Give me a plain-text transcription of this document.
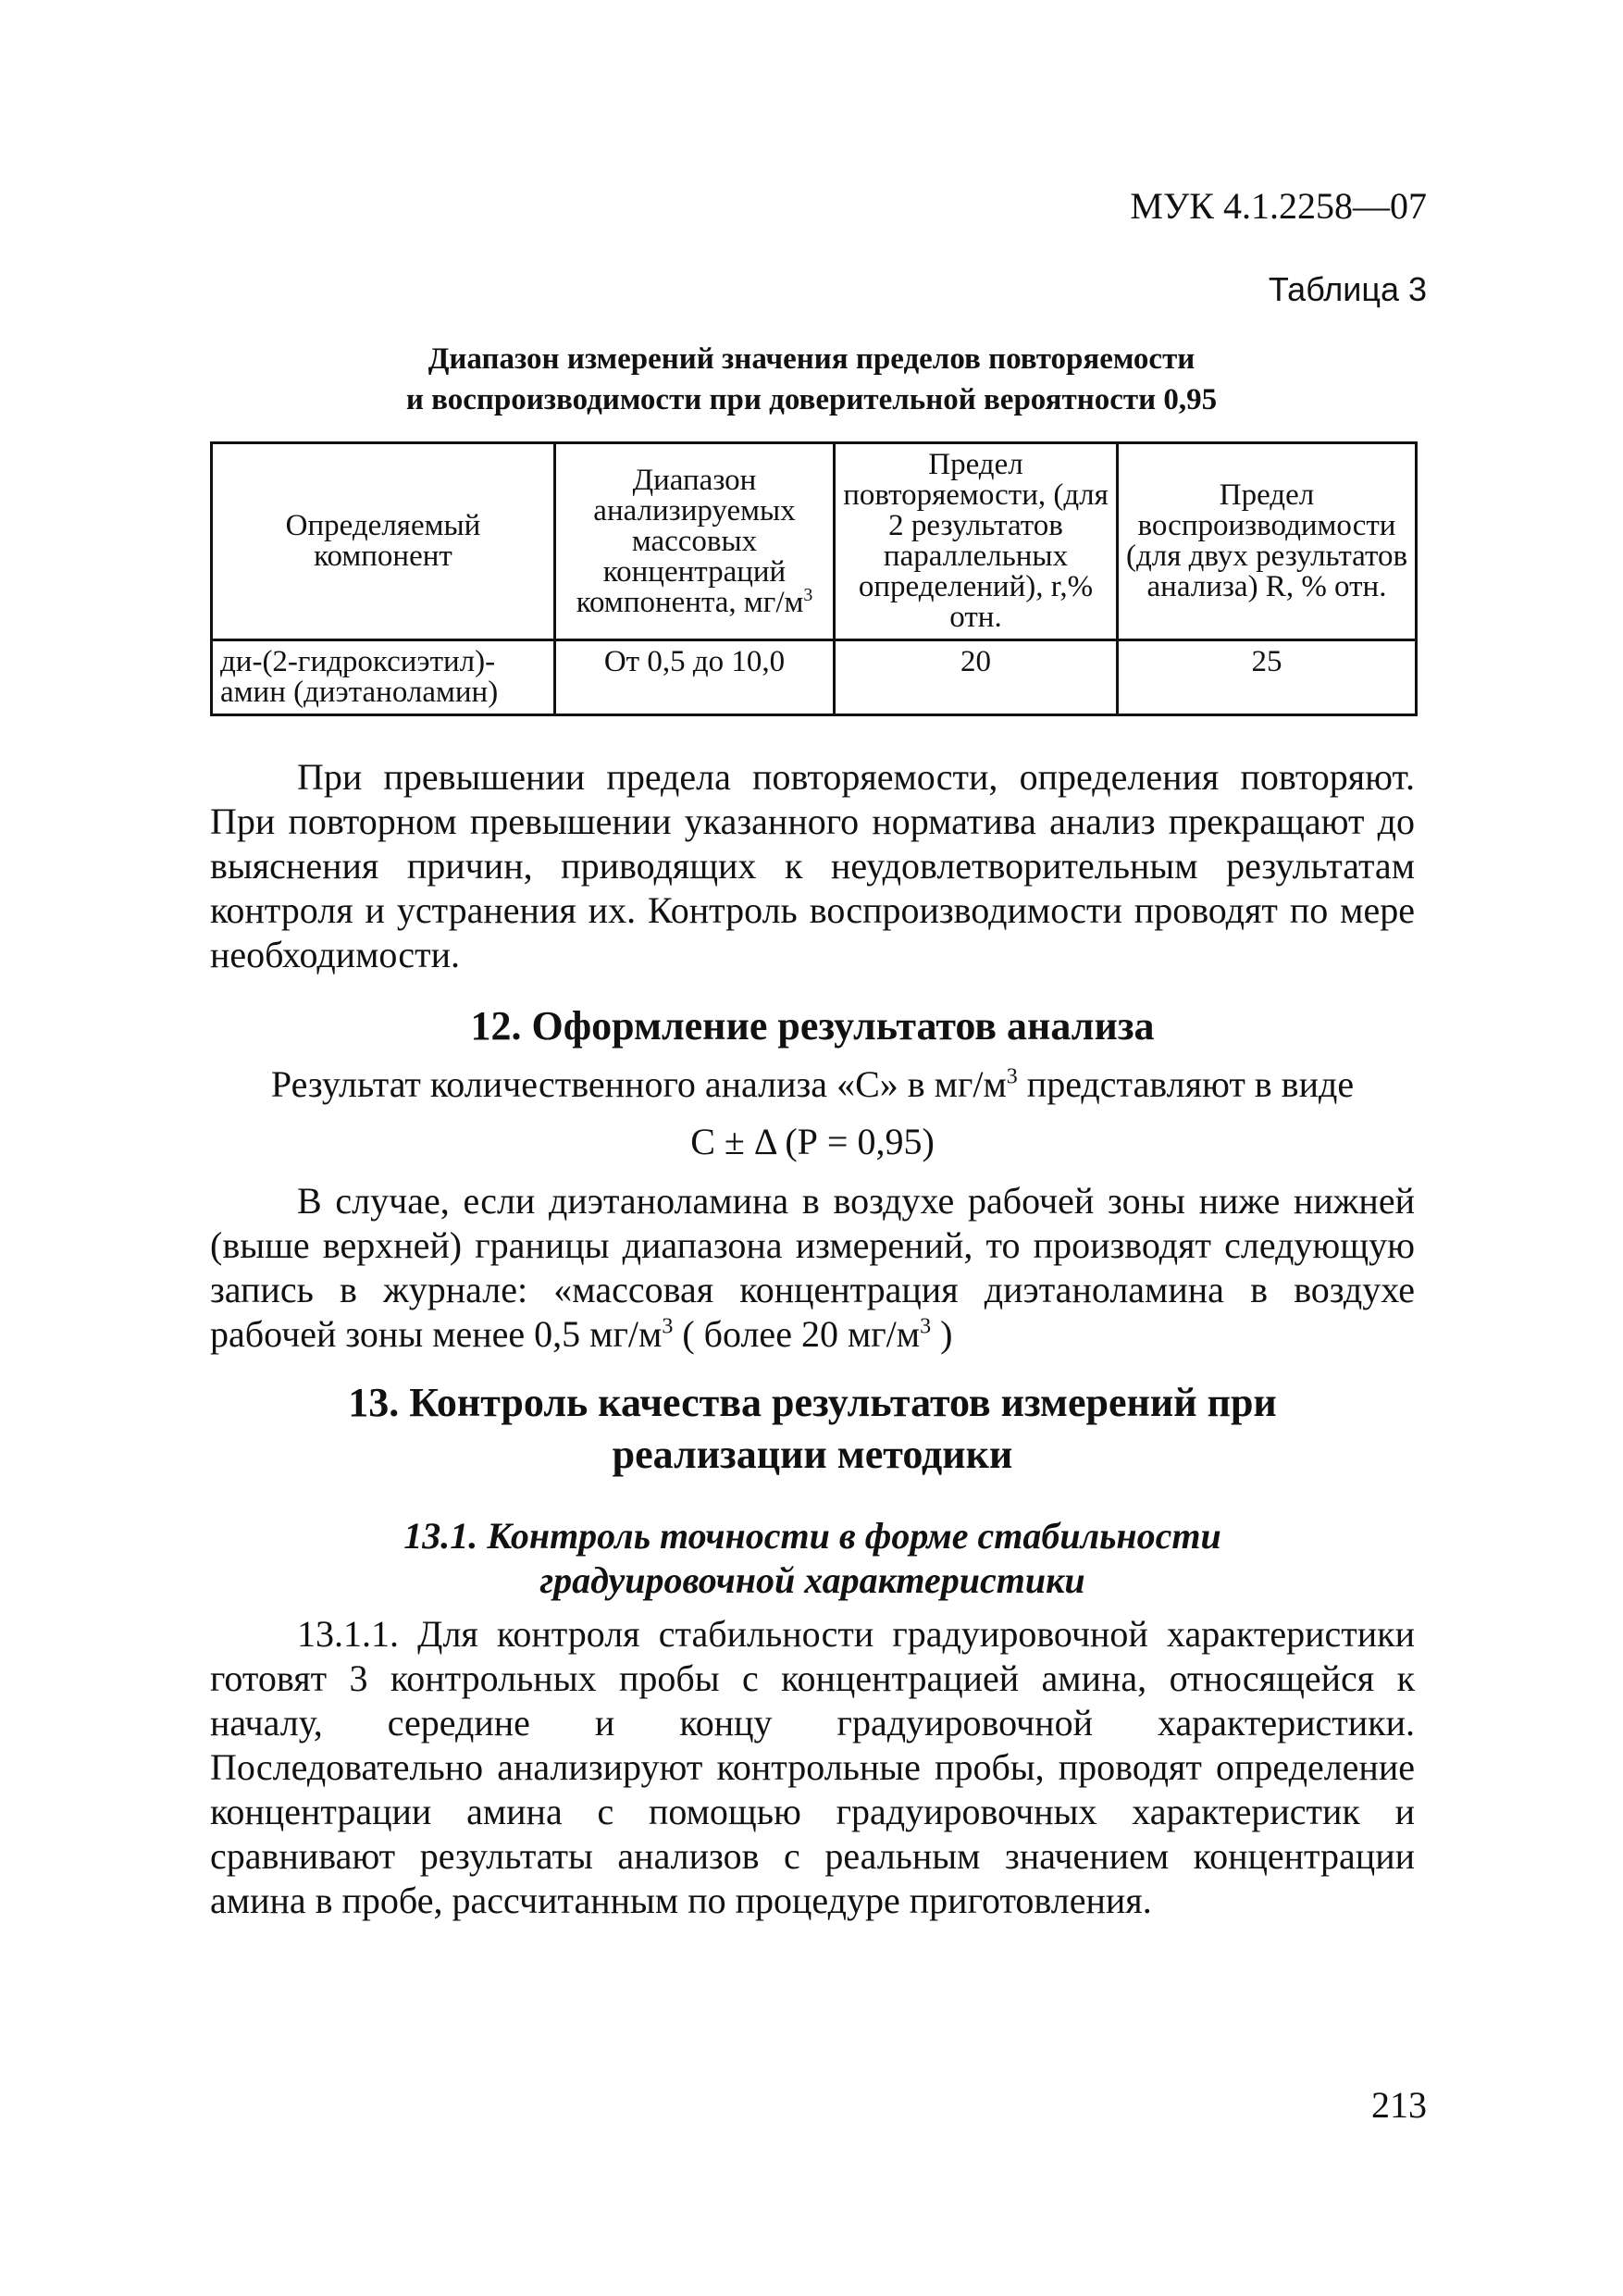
МУК 4.1.2258—07
Таблица 3
Диапазон измерений значения пределов повторяемости
и воспроизводимости при доверительной вероятности 0,95
Определяемый компонент	Диапазон анализируемых массовых концентраций компонента, $мг/м^3$	Предел повторяемости, (для 2 результатов параллельных определений), r,% отн.	Предел воспроизводимости (для двух результатов анализа) R, % отн.
ди-(2-гидроксиэтил)-амин (диэтаноламин)	От 0,5 до 10,0	20	25

При превышении предела повторяемости, определения повторяют. При повторном превышении указанного норматива анализ прекращают до выяснения причин, приводящих к неудовлетворительным результатам контроля и устранения их. Контроль воспроизводимости проводят по мере необходимости.

12. Оформление результатов анализа
Результат количественного анализа «С» в $мг/м^3$ представляют в виде
С ± Δ (Р = 0,95)

В случае, если диэтаноламина в воздухе рабочей зоны ниже нижней (выше верхней) границы диапазона измерений, то производят следующую запись в журнале: «массовая концентрация диэтаноламина в воздухе рабочей зоны менее 0,5 $мг/м^3$ ( более 20 $мг/м^3$ )

13. Контроль качества результатов измерений при
реализации методики
13.1. Контроль точности в форме стабильности
градуировочной характеристики

13.1.1. Для контроля стабильности градуировочной характеристики готовят 3 контрольных пробы с концентрацией амина, относящейся к началу, середине и концу градуировочной характеристики. Последовательно анализируют контрольные пробы, проводят определение концентрации амина с помощью градуировочных характеристик и сравнивают результаты анализов с реальным значением концентрации амина в пробе, рассчитанным по процедуре приготовления.

213
